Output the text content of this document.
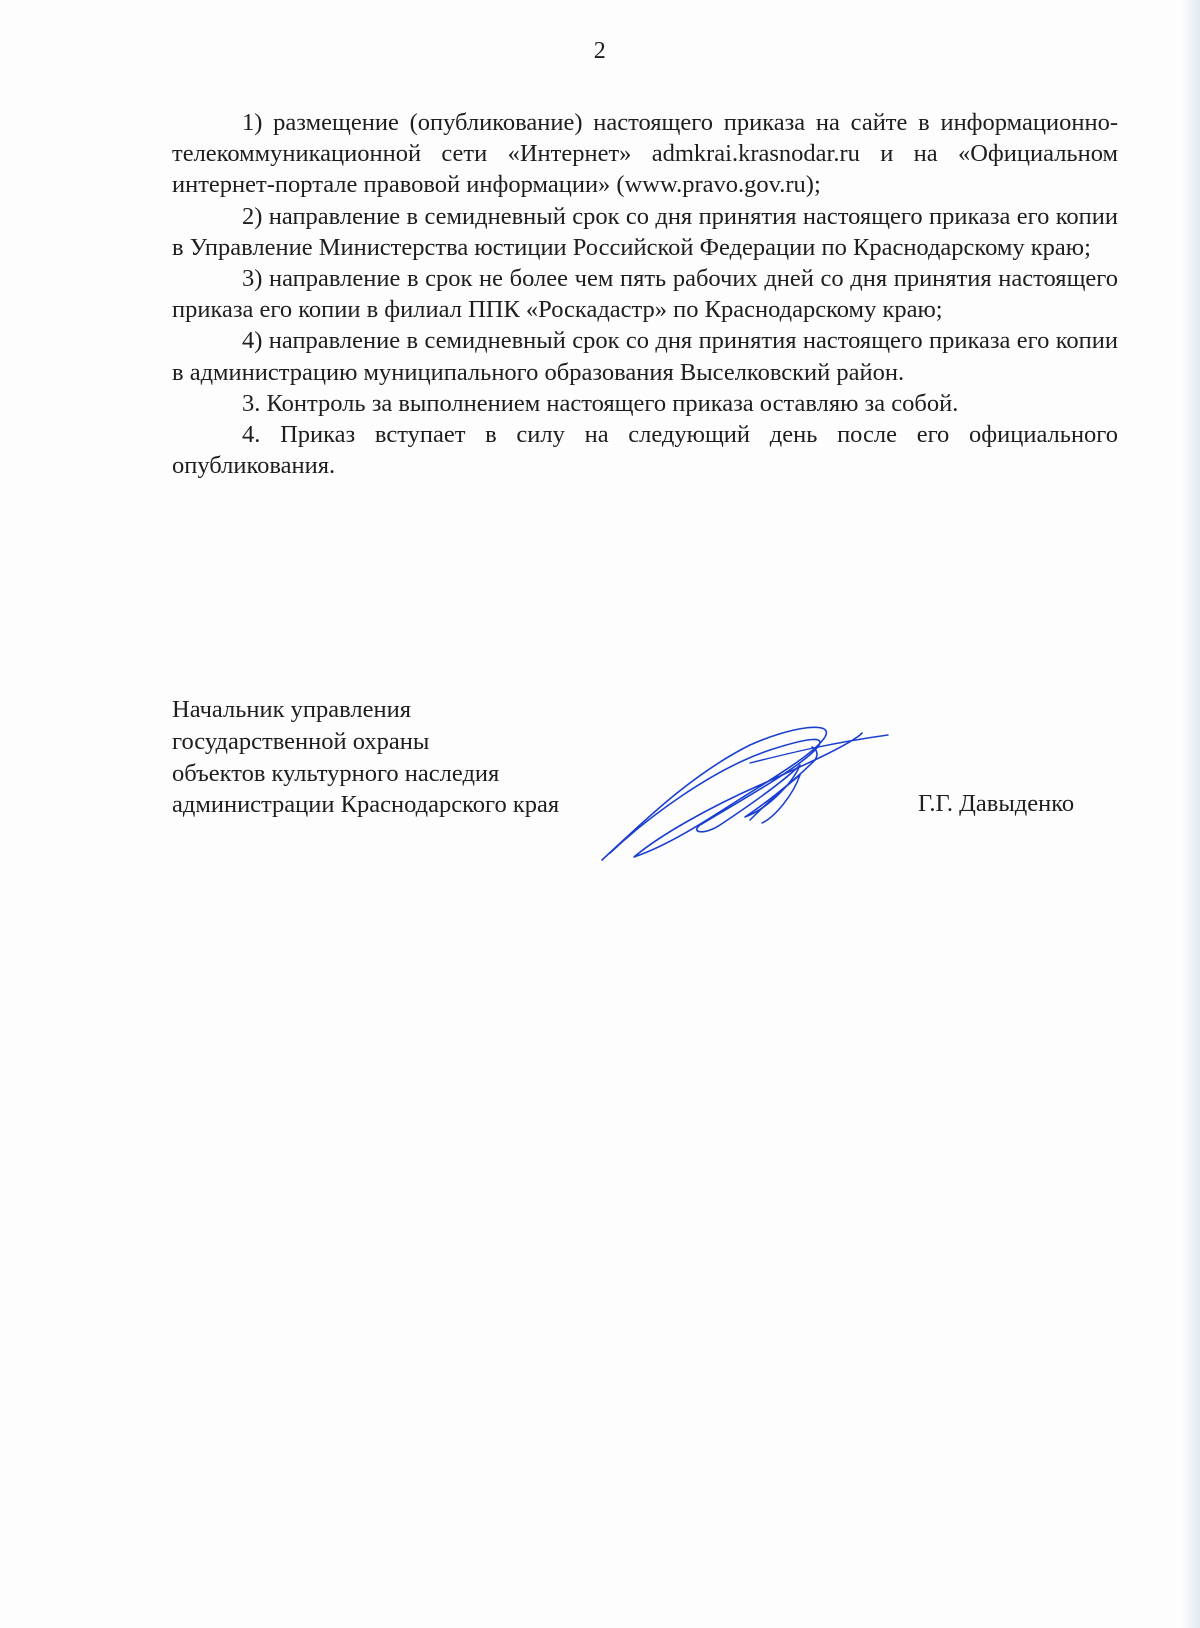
2

1) размещение (опубликование) настоящего приказа на сайте в информационно-телекоммуникационной сети «Интернет» admkrai.krasnodar.ru и на «Официальном интернет-портале правовой информации» (www.pravo.gov.ru);

2) направление в семидневный срок со дня принятия настоящего приказа его копии в Управление Министерства юстиции Российской Федерации по Краснодарскому краю;

3) направление в срок не более чем пять рабочих дней со дня принятия настоящего приказа его копии в филиал ППК «Роскадастр» по Краснодарскому краю;

4) направление в семидневный срок со дня принятия настоящего приказа его копии в администрацию муниципального образования Выселковский район.

3. Контроль за выполнением настоящего приказа оставляю за собой.

4. Приказ вступает в силу на следующий день после его официального опубликования.

Начальник управления
государственной охраны
объектов культурного наследия
администрации Краснодарского края	Г.Г. Давыденко
